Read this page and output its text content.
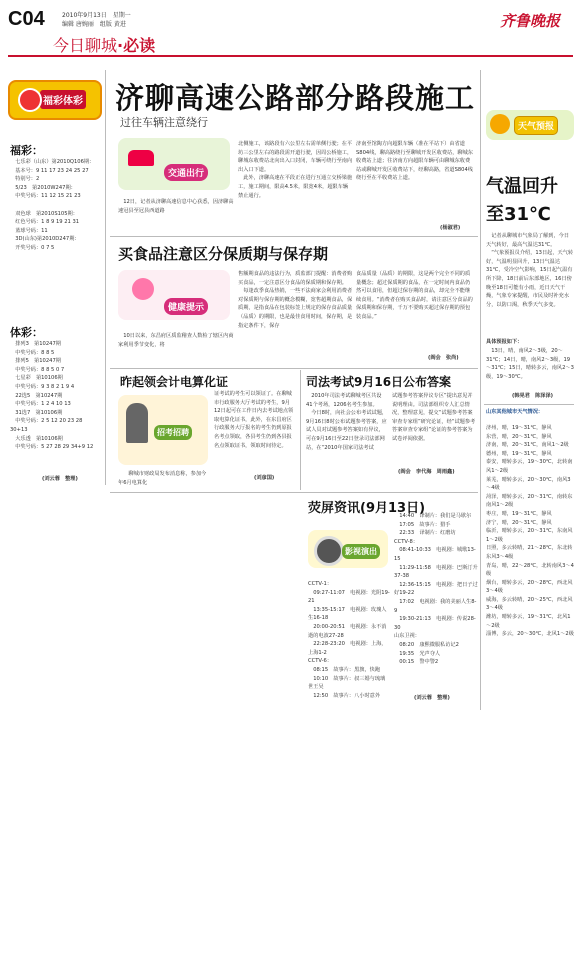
C04	2010年9月13日　星期一
编辑 唐婉丽　组版 黄进	齐鲁晚报
今日聊城·必读
福彩体彩
福彩：
　七乐彩（山东）第2010Q106期：
　基本号：9 11 17 23 24 25 27
　特别号：2
　5/23　第2010W247期：
　中奖号码：11 12 15 21 23

　双色球　第2010S105期：
　红色号码：1 8 9 19 21 31
　蓝球号码：11
　3D(山东)第2010D247期：
　开奖号码：0 7 5
体彩：
　排列3　第10247期
　中奖号码：8 8 5
　排列5　第10247期
　中奖号码：8 8 5 0 7
　七星彩　第10106期
　中奖号码：9 3 8 2 1 9 4
　22选5　第10247期
　中奖号码：1 2 4 10 13
　31选7　第10106期
　中奖号码：2 5 12 20 23 28 30+13
　大乐透　第10106期
　中奖号码：5 27 28 29 34+9 12
(刘云蓉　整理)
济聊高速公路部分路段施工
过往车辆注意绕行
交通出行
　12日，记者从济聊高速信息中心获悉，因济聊高速冠县至冠县西道路
北侧施工，该路段有六公里左右需单侧行驶；在平坊三公里左右的路段需开道行驶，因周公桥施工，聊城东收费站北向出入口封闭，车辆可绕行至南向出入口下道。
　此外，济聊高速在平段正在进行互通立交桥梁施工，施工期间，限高4.5米，限宽4米，超限车辆禁止通行。
济南至馆陶方向超限车辆（准在平站下）由省道S804线，聊高路绕行至聊城开发区收费站，聊城东收费站上道；往济南方向超限车辆可由聊城东收费站或聊城开发区收费站下，经聊高路，省道S804线绕行至在平收费站上道。
(杨淑君)
买食品注意区分保质期与保存期
健康提示
　10日以来，东昌府区质监稽查人数检了辖区内商家利用季节变化，将
售额期食品的违法行为，质监部门提醒：消费者购买食品，一定注意区分食品的保质期和保存期。
　每逢改季食品热销，一些不法商家会利用消费者对保质期与保存期的概念模糊，宽售超期食品，保质期，是指食品在包装标签上规定的保存食品质量（品质）的期限，也是最佳食用时间，保存期，是指定条件下，保存
食品质量（品质）的期限，这是两个完全不同的质量概念；超过保质期的食品，在一定时间内食品仍然可以食用，但超过保存期的食品，却完全不能继续食用。“消费者在购买食品时，请注意区分食品的保质期和保存期，千万不要购买超过保存期的预包装食品。”
(阎会　张尚)
昨起领会计电算化证
招考招聘
　　聊城市财政局发布消息称，参加今年6月电算化
证考试的考生可以领证了。在聊城市行政服务大厅考试的考生，9月12日起可在工作日内去考试地点领取电算化证书，此外，在东昌府区行政服务大厅报名的考生仍到原报名考点领取，各县考生仍到各县报名点领取证书，领取时间待定。
(刘彦国)
司法考试9月16日公布答案
　2010年司法考试聊城考区共设41个考场，1206名考生参加。
　今日8时，向社会公布考试试题，9月16日8时公布试题参考答案，应试人员对试题参考答案如有异议，可在9月16日至22日登录司法部网站，在“2010年国家司法考试
试题参考答案异议专区”提出意见并说明理由。司法部组织专人汇总情况，整理意见，提交“试题参考答案审查专家组”研究论证，经“试题参考答案审查专家组”论证的参考答案为试卷评阅依据。
(阎会　李代海　周雨鑫)
荧屏资讯(9月13日)
影视演出
CCTV-1：
　09:27-11:07　电视剧：光阴19-21
　13:35-15:17　电视剧：玫瑰人生16-18
　20:00-20:51　电视剧：永不消逝的电波27-28
　22:28-23:20　电视剧：上海，上海1-2
CCTV-6：
　08:15　故事片：黑旗，快跑
　10:10　故事片：叔三婚与琉璃世王吴
　12:50　故事片：八小时意外
　14:40　译制片：我们是马歇尔
　17:05　故事片：猎手
　22:33　译制片：红磨坊
CCTV-8：
　08:41-10:33　电视剧：城歌13-15
　11:29-11:58　电视剧：巴斯汀升37-38
　12:36-15:15　电视剧：把日子过好19-22
　17:02　电视剧：我的美丽人生8-9
　19:30-21:13　电视剧：传说28-30
山东卫视：
　08:20　康熙微服私访记2
　19:35　光声夺人
　00:15　警中警2
(刘云蓉　整理)
天气预报
气温回升
至31℃
　记者从聊城市气象局了解到，今日天气转好，最高气温达31℃。
　“气象预报员介绍，13日起，天气转好，气温明显回升，13日气温达31℃，受冷空气影响，15日起气温有所下降，18日前后东部地区，16日傍晚至18日可能有小雨，近日天气干燥，气象专家提醒，市民及时补充水分，以防口渴，秋季天气多变。
具体预报如下：
　13日，晴，南风2～3级，20～31℃；14日，晴，南风2～3级，19～31℃；15日，晴转多云，南风2～3级，19～30℃。
(韩晃君　陈泽泽)
山东其他城市天气情况：
济州，晴，19～31℃，静风
东营，晴，20～31℃，静风
济南，晴，20～31℃，南风1～2级
德州，晴，19～31℃，静风
泰安，晴转多云，19～30℃，北转南风1～2级
莱芜，晴转多云，20～30℃，南风3～4级
菏泽，晴转多云，20～31℃，南转东南风1～2级
枣庄，晴，19～31℃，静风
济宁，晴，20～31℃，静风
临沂，晴转多云，20～31℃，东南风1～2级
日照，多云转晴，21～28℃，东北转东风3～4级
青岛，晴，22～28℃，北转南风3～4级
烟台，晴转多云，20～28℃，西北风3～4级
威海，多云转晴，20～25℃，西北风3～4级
潍坊，晴转多云，19～31℃，北风1～2级
淄博，多云，20～30℃，北风1～2级
